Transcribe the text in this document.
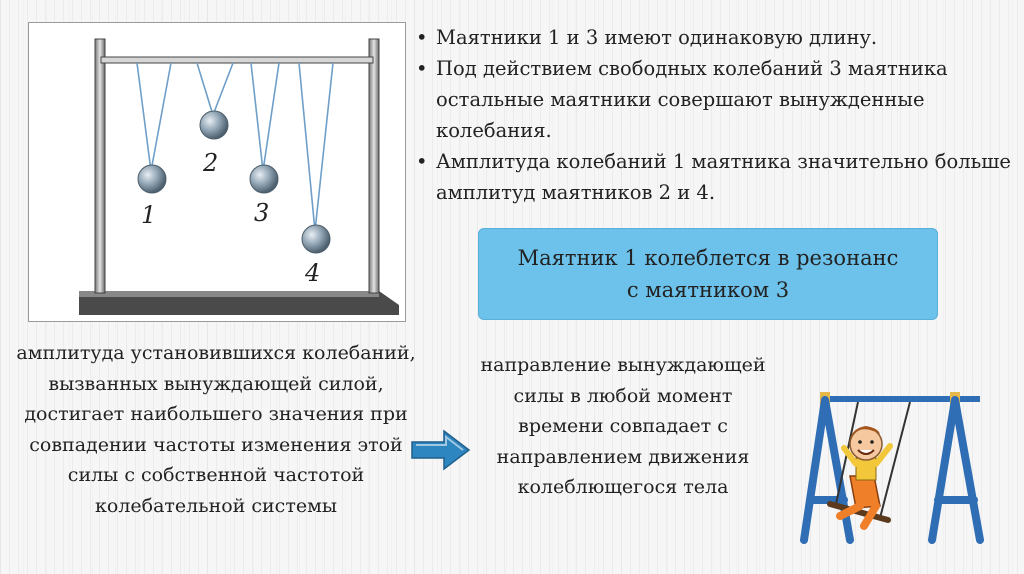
1
2
3
4
• Маятники 1 и 3 имеют одинаковую длину.
• Под действием свободных колебаний 3 маятника остальные маятники совершают вынужденные колебания.
• Амплитуда колебаний 1 маятника значительно больше амплитуд маятников 2 и 4.
Маятник 1 колеблется в резонанс
с маятником 3
амплитуда установившихся колебаний, вызванных вынуждающей силой, достигает наибольшего значения при совпадении частоты изменения этой силы с собственной частотой колебательной системы
направление вынуждающей силы в любой момент времени совпадает с направлением движения колеблющегося тела
